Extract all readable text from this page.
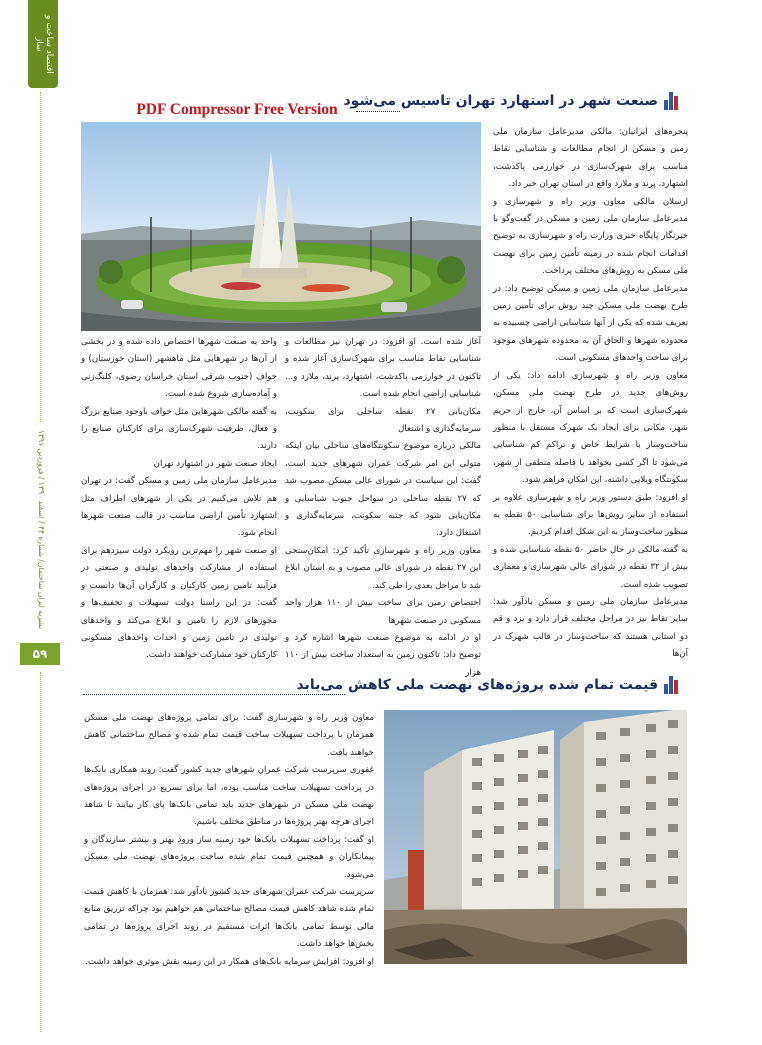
اقتصاد ساخت و ساز
نشریه ایران ساختمان/ شماره ۴۴ / اسفند ۱۳۹۰ / فروردین ۱۳۹۱
۵۹
PDF Compressor Free Version صنعت شهر در استهارد تهران تاسیس می‌شود

پنجره‌های ایرانیان: مالکی مدیرعامل سازمان ملی زمین و مسکن از انجام مطالعات و شناسایی نقاط مناسب برای شهرک‌سازی در خوارزمی پاکدشت، اشتهارد، پرند و ملارد واقع در استان تهران خبر داد.

ارسلان مالکی معاون وزیر راه و شهرسازی و مدیرعامل سازمان ملی زمین و مسکن در گفت‌وگو با خبرنگار پایگاه خبری وزارت راه و شهرسازی به توضیح اقدامات انجام شده در زمینه تأمین زمین برای نهضت ملی مسکن به روش‌های مختلف پرداخت.

مدیرعامل سازمان ملی زمین و مسکن توضیح داد: در طرح نهضت ملی مسکن چند روش برای تأمین زمین تعریف شده که یکی از آنها شناسایی اراضی چسبیده به محدوده شهرها و الحاق آن به محدوده شهرهای موجود برای ساخت واحدهای مسکونی است.

معاون وزیر راه و شهرسازی ادامه داد: یکی از روش‌های جدید در طرح نهضت ملی مسکن، شهرک‌سازی است که بر اساس آن، خارج از حریم شهر، مکانی برای ایجاد یک شهرک مستقل با منظور ساخت‌وساز با شرایط خاص و تراکم کم شناسایی می‌شود تا اگر کسی بخواهد با فاصله منطقی از شهر، سکونتگاه ویلایی داشته، این امکان فراهم شود.

او افزود: طبق دستور وزیر راه و شهرسازی علاوه بر استفاده از سایر روش‌ها برای شناسایی ۵۰ نقطه به منظور ساخت‌وساز به این شکل اقدام کردیم.

به گفته مالکی در حال حاضر ۵۰ نقطه شناسایی شده و بیش از ۳۲ نقطه در شورای عالی شهرسازی و معماری تصویب شده است.

مدیرعامل سازمان ملی زمین و مسکن یادآور شد: سایر نقاط نیز در مراحل مختلف قرار دارد و یزد و قم دو استانی هستند که ساخت‌وساز در قالب شهرک در آن‌ها

آغاز شده است. او افزود: در تهران نیز مطالعات و شناسایی نقاط مناسب برای شهرک‌سازی آغاز شده و تاکنون در خوارزمی پاکدشت، اشتهارد، پرند، ملارد و... شناسایی اراضی انجام شده است.

مکان‌یابی ۲۷ نقطه ساحلی برای سکونت، سرمایه‌گذاری و اشتغال

مالکی درباره موضوع سکونتگاه‌های ساحلی بیان اینکه متولی این امر شرکت عمران شهرهای جدید است، گفت: این سیاست در شورای عالی مسکن مصوب شد که ۲۷ نقطه ساحلی در سواحل جنوب شناسایی و مکان‌یابی شود که جنبه سکونت، سرمایه‌گذاری و اشتغال دارد.

معاون وزیر راه و شهرسازی تأکید کرد: امکان‌سنجی این ۲۷ نقطه در شورای عالی مصوب و به استان ابلاغ شد تا مراحل بعدی را طی کند.

اختصاص زمین برای ساخت بیش از ۱۱۰ هزار واحد مسکونی در صنعت شهرها

او در ادامه به موضوع صنعت شهرها اشاره کرد و توضیح داد: تاکنون زمین به استعداد ساخت بیش از ۱۱۰ هزار

واحد به صنعت شهرها اختصاص داده شده و در بخشی از آن‌ها در شهرهایی مثل ماهشهر (استان خوزستان) و خواف (جنوب شرقی استان خراسان رضوی، کلنگ‌زنی و آماده‌سازی شروع شده است.

به گفته مالکی شهرهایی مثل خواف باوجود صنایع بزرگ و فعال، ظرفیت شهرک‌سازی برای کارکنان صنایع را دارند.

ایجاد صنعت شهر در اشتهارد تهران

مدیرعامل سازمان ملی زمین و مسکن گفت: در تهران هم تلاش می‌کنیم در یکی از شهرهای اطراف مثل اشتهارد تأمین اراضی مناسب در قالب صنعت شهرها انجام شود.

او صنعت شهر را مهم‌ترین رویکرد دولت سیزدهم برای استفاده از مشارکت واحدهای تولیدی و صنعتی در فرآیند تامین زمین کارکنان و کارگران آن‌ها دانست و گفت: در این راستا دولت تسهیلات و تخفیف‌ها و مجوزهای لازم را تامین و ابلاغ می‌کند و واحدهای تولیدی در تامین زمین و احداث واحدهای مسکونی کارکنان خود مشارکت خواهند داشت.

قیمت تمام شده پروژه‌های نهضت ملی کاهش می‌یابد

معاون وزیر راه و شهرسازی گفت: برای تمامی پروژه‌های نهضت ملی مسکن همزمان با پرداخت تسهیلات ساخت قیمت تمام شده و مصالح ساختمانی کاهش خواهند یافت.

غفوری سرپرست شرکت عمران شهرهای جدید کشور گفت: روند همکاری بانک‌ها در پرداخت تسهیلات ساخت مناسب بوده، اما برای تسریع در اجرای پروژه‌های نهضت ملی مسکن در شهرهای جدید باید تمامی بانک‌ها پای کار بیایند تا شاهد اجرای هرچه بهتر پروژه‌ها در مناطق مختلف باشیم.

او گفت: پرداخت تسهیلات بانک‌ها خود زمینه ساز ورود بهتر و بیشتر سازندگان و پیمانکاران و همچنین قیمت تمام شده ساخت پروژه‌های نهضت ملی مسکن می‌شود.

سرپرست شرکت عمران شهرهای جدید کشور یادآور شد: همزمان با کاهش قیمت تمام شده شاهد کاهش قیمت مصالح ساختمانی هم خواهیم بود چراکه تزریق منابع مالی توسط تمامی بانک‌ها اثرات مستقیم در روند اجرای پروژه‌ها در تمامی بخش‌ها خواهد داشت.

او افزود: افزایش سرمایه بانک‌های همکار در این زمینه نقش موثری خواهد داشت.
